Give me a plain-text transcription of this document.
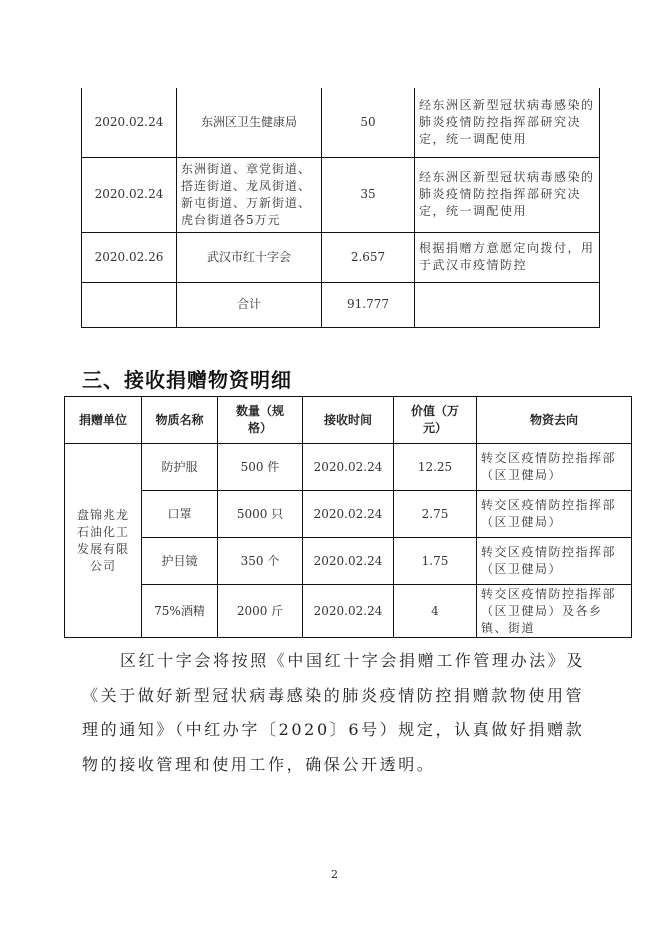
2020.02.24	东洲区卫生健康局	50	经东洲区新型冠状病毒感染的肺炎疫情防控指挥部研究决定，统一调配使用
2020.02.24	东洲街道、章党街道、搭连街道、龙凤街道、新屯街道、万新街道、虎台街道各5万元	35	经东洲区新型冠状病毒感染的肺炎疫情防控指挥部研究决定，统一调配使用
2020.02.26	武汉市红十字会	2.657	根据捐赠方意愿定向拨付，用于武汉市疫情防控
	合计	91.777	
三、接收捐赠物资明细
捐赠单位	物质名称	数量（规格）	接收时间	价值（万元）	物资去向
盘锦兆龙石油化工发展有限公司	防护服	500 件	2020.02.24	12.25	转交区疫情防控指挥部（区卫健局）
	口罩	5000 只	2020.02.24	2.75	转交区疫情防控指挥部（区卫健局）
	护目镜	350 个	2020.02.24	1.75	转交区疫情防控指挥部（区卫健局）
	75%酒精	2000 斤	2020.02.24	4	转交区疫情防控指挥部（区卫健局）及各乡镇、街道
区红十字会将按照《中国红十字会捐赠工作管理办法》及《关于做好新型冠状病毒感染的肺炎疫情防控捐赠款物使用管理的通知》（中红办字〔2020〕6号）规定，认真做好捐赠款物的接收管理和使用工作，确保公开透明。
2
